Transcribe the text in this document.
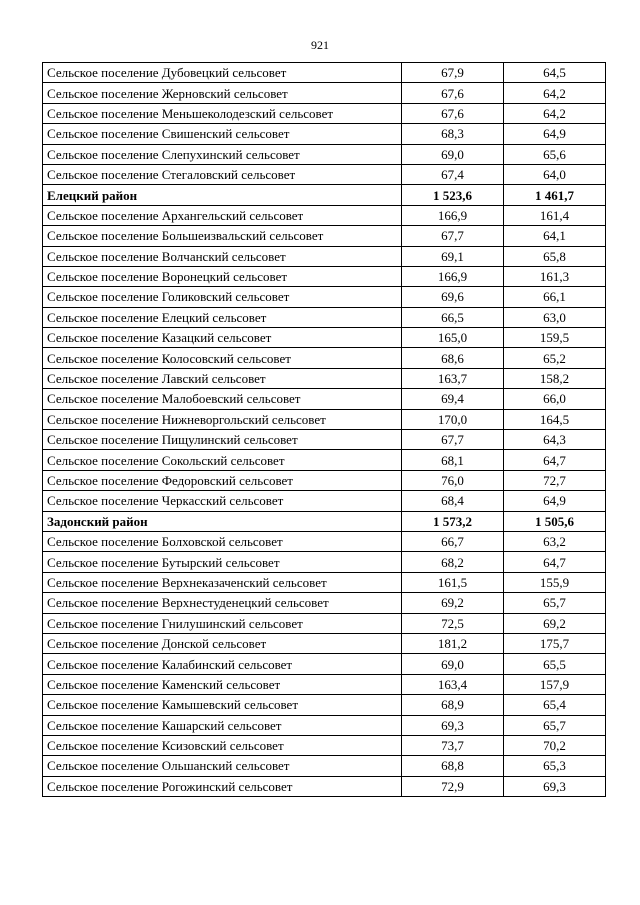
921
Сельское поселение Дубовецкий сельсовет	67,9	64,5
Сельское поселение Жерновский сельсовет	67,6	64,2
Сельское поселение Меньшеколодезский сельсовет	67,6	64,2
Сельское поселение Свишенский сельсовет	68,3	64,9
Сельское поселение Слепухинский сельсовет	69,0	65,6
Сельское поселение Стегаловский сельсовет	67,4	64,0
Елецкий район	1 523,6	1 461,7
Сельское поселение Архангельский сельсовет	166,9	161,4
Сельское поселение Большеизвальский сельсовет	67,7	64,1
Сельское поселение Волчанский сельсовет	69,1	65,8
Сельское поселение Воронецкий сельсовет	166,9	161,3
Сельское поселение Голиковский сельсовет	69,6	66,1
Сельское поселение Елецкий сельсовет	66,5	63,0
Сельское поселение Казацкий сельсовет	165,0	159,5
Сельское поселение Колосовский сельсовет	68,6	65,2
Сельское поселение Лавский сельсовет	163,7	158,2
Сельское поселение Малобоевский сельсовет	69,4	66,0
Сельское поселение Нижневоргольский сельсовет	170,0	164,5
Сельское поселение Пищулинский сельсовет	67,7	64,3
Сельское поселение Сокольский сельсовет	68,1	64,7
Сельское поселение Федоровский сельсовет	76,0	72,7
Сельское поселение Черкасский сельсовет	68,4	64,9
Задонский район	1 573,2	1 505,6
Сельское поселение Болховской сельсовет	66,7	63,2
Сельское поселение Бутырский сельсовет	68,2	64,7
Сельское поселение Верхнеказаченский сельсовет	161,5	155,9
Сельское поселение Верхнестуденецкий сельсовет	69,2	65,7
Сельское поселение Гнилушинский сельсовет	72,5	69,2
Сельское поселение Донской сельсовет	181,2	175,7
Сельское поселение Калабинский сельсовет	69,0	65,5
Сельское поселение Каменский сельсовет	163,4	157,9
Сельское поселение Камышевский сельсовет	68,9	65,4
Сельское поселение Кашарский сельсовет	69,3	65,7
Сельское поселение Ксизовский сельсовет	73,7	70,2
Сельское поселение Ольшанский сельсовет	68,8	65,3
Сельское поселение Рогожинский сельсовет	72,9	69,3
